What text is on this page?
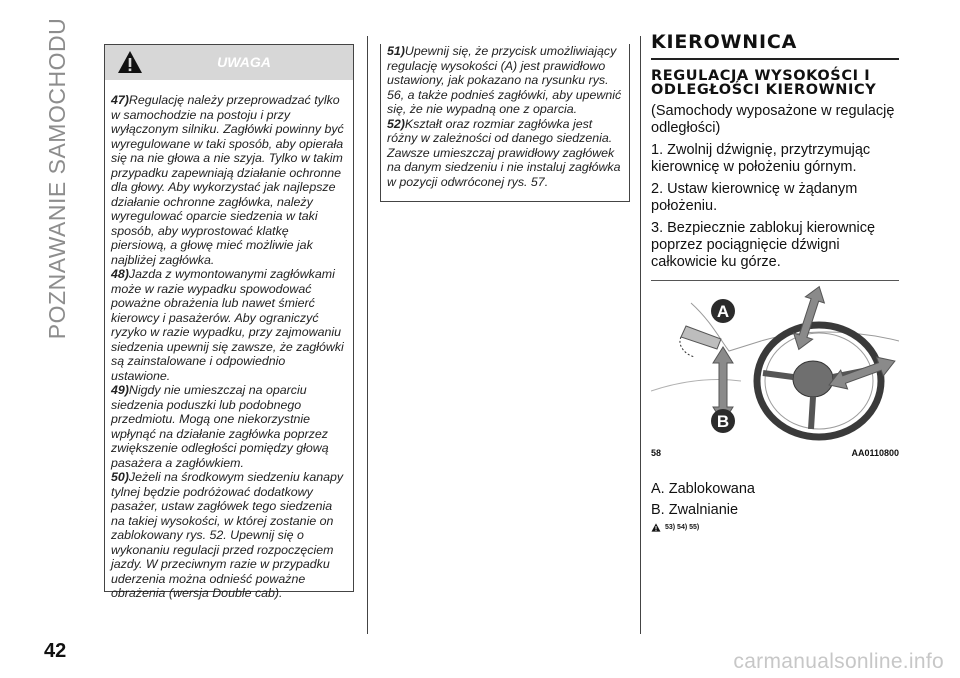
POZNAWANIE SAMOCHODU	UWAGA

47)Regulację należy przeprowadzać tylko w samochodzie na postoju i przy wyłączonym silniku. Zagłówki powinny być wyregulowane w taki sposób, aby opierała się na nie głowa a nie szyja. Tylko w takim przypadku zapewniają działanie ochronne dla głowy. Aby wykorzystać jak najlepsze działanie ochronne zagłówka, należy wyregulować oparcie siedzenia w taki sposób, aby wyprostować klatkę piersiową, a głowę mieć możliwie jak najbliżej zagłówka.

48)Jazda z wymontowanymi zagłówkami może w razie wypadku spowodować poważne obrażenia lub nawet śmierć kierowcy i pasażerów. Aby ograniczyć ryzyko w razie wypadku, przy zajmowaniu siedzenia upewnij się zawsze, że zagłówki są zainstalowane i odpowiednio ustawione.

49)Nigdy nie umieszczaj na oparciu siedzenia poduszki lub podobnego przedmiotu. Mogą one niekorzystnie wpłynąć na działanie zagłówka poprzez zwiększenie odległości pomiędzy głową pasażera a zagłówkiem.

50)Jeżeli na środkowym siedzeniu kanapy tylnej będzie podróżować dodatkowy pasażer, ustaw zagłówek tego siedzenia na takiej wysokości, w której zostanie on zablokowany rys. 52. Upewnij się o wykonaniu regulacji przed rozpoczęciem jazdy. W przeciwnym razie w przypadku uderzenia można odnieść poważne obrażenia (wersja Double cab).

51)Upewnij się, że przycisk umożliwiający regulację wysokości (A) jest prawidłowo ustawiony, jak pokazano na rysunku rys. 56, a także podnieś zagłówki, aby upewnić się, że nie wypadną one z oparcia.

52)Kształt oraz rozmiar zagłówka jest różny w zależności od danego siedzenia. Zawsze umieszczaj prawidłowy zagłówek na danym siedzeniu i nie instaluj zagłówka w pozycji odwróconej rys. 57.

KIEROWNICA
REGULACJA WYSOKOŚCI I ODLEGŁOŚCI KIEROWNICY

(Samochody wyposażone w regulację odległości)

1. Zwolnij dźwignię, przytrzymując kierownicę w położeniu górnym.

2. Ustaw kierownicę w żądanym położeniu.

3. Bezpiecznie zablokuj kierownicę poprzez pociągnięcie dźwigni całkowicie ku górze.

A
B
58	AA0110800

A. Zablokowana

B. Zwalnianie

53) 54) 55)
42	carmanualsonline.info
